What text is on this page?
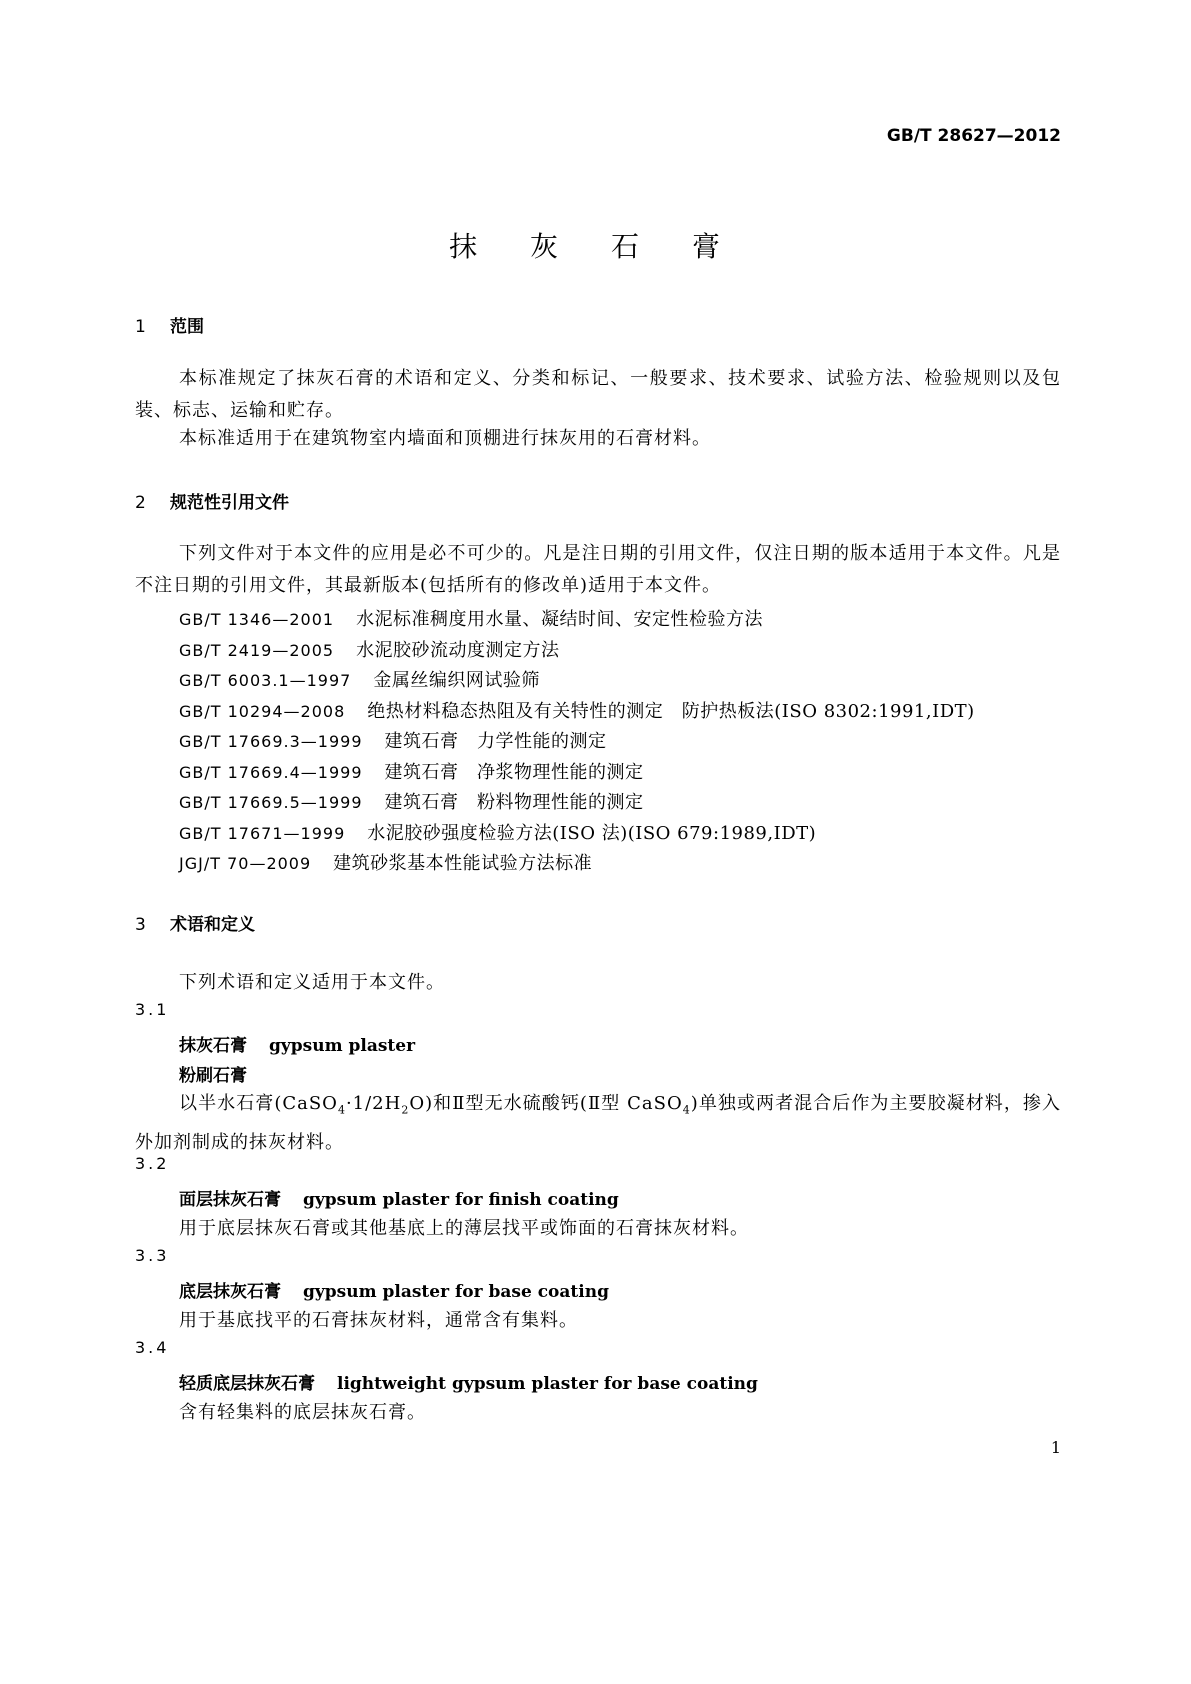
GB/T 28627—2012
抹 灰 石 膏
1 范围
本标准规定了抹灰石膏的术语和定义、分类和标记、一般要求、技术要求、试验方法、检验规则以及包装、标志、运输和贮存。
本标准适用于在建筑物室内墙面和顶棚进行抹灰用的石膏材料。
2 规范性引用文件
下列文件对于本文件的应用是必不可少的。凡是注日期的引用文件，仅注日期的版本适用于本文件。凡是不注日期的引用文件，其最新版本(包括所有的修改单)适用于本文件。
GB/T 1346—2001 水泥标准稠度用水量、凝结时间、安定性检验方法
GB/T 2419—2005 水泥胶砂流动度测定方法
GB/T 6003.1—1997 金属丝编织网试验筛
GB/T 10294—2008 绝热材料稳态热阻及有关特性的测定　防护热板法(ISO 8302:1991,IDT)
GB/T 17669.3—1999 建筑石膏　力学性能的测定
GB/T 17669.4—1999 建筑石膏　净浆物理性能的测定
GB/T 17669.5—1999 建筑石膏　粉料物理性能的测定
GB/T 17671—1999 水泥胶砂强度检验方法(ISO 法)(ISO 679:1989,IDT)
JGJ/T 70—2009 建筑砂浆基本性能试验方法标准
3 术语和定义
下列术语和定义适用于本文件。
3.1
抹灰石膏 gypsum plaster
粉刷石膏
以半水石膏$(CaSO_4\cdot 1/2H_2O)$和Ⅱ型无水硫酸钙(Ⅱ型 CaSO$_4$)单独或两者混合后作为主要胶凝材料，掺入外加剂制成的抹灰材料。
3.2
面层抹灰石膏 gypsum plaster for finish coating
用于底层抹灰石膏或其他基底上的薄层找平或饰面的石膏抹灰材料。
3.3
底层抹灰石膏 gypsum plaster for base coating
用于基底找平的石膏抹灰材料，通常含有集料。
3.4
轻质底层抹灰石膏 lightweight gypsum plaster for base coating
含有轻集料的底层抹灰石膏。
1
